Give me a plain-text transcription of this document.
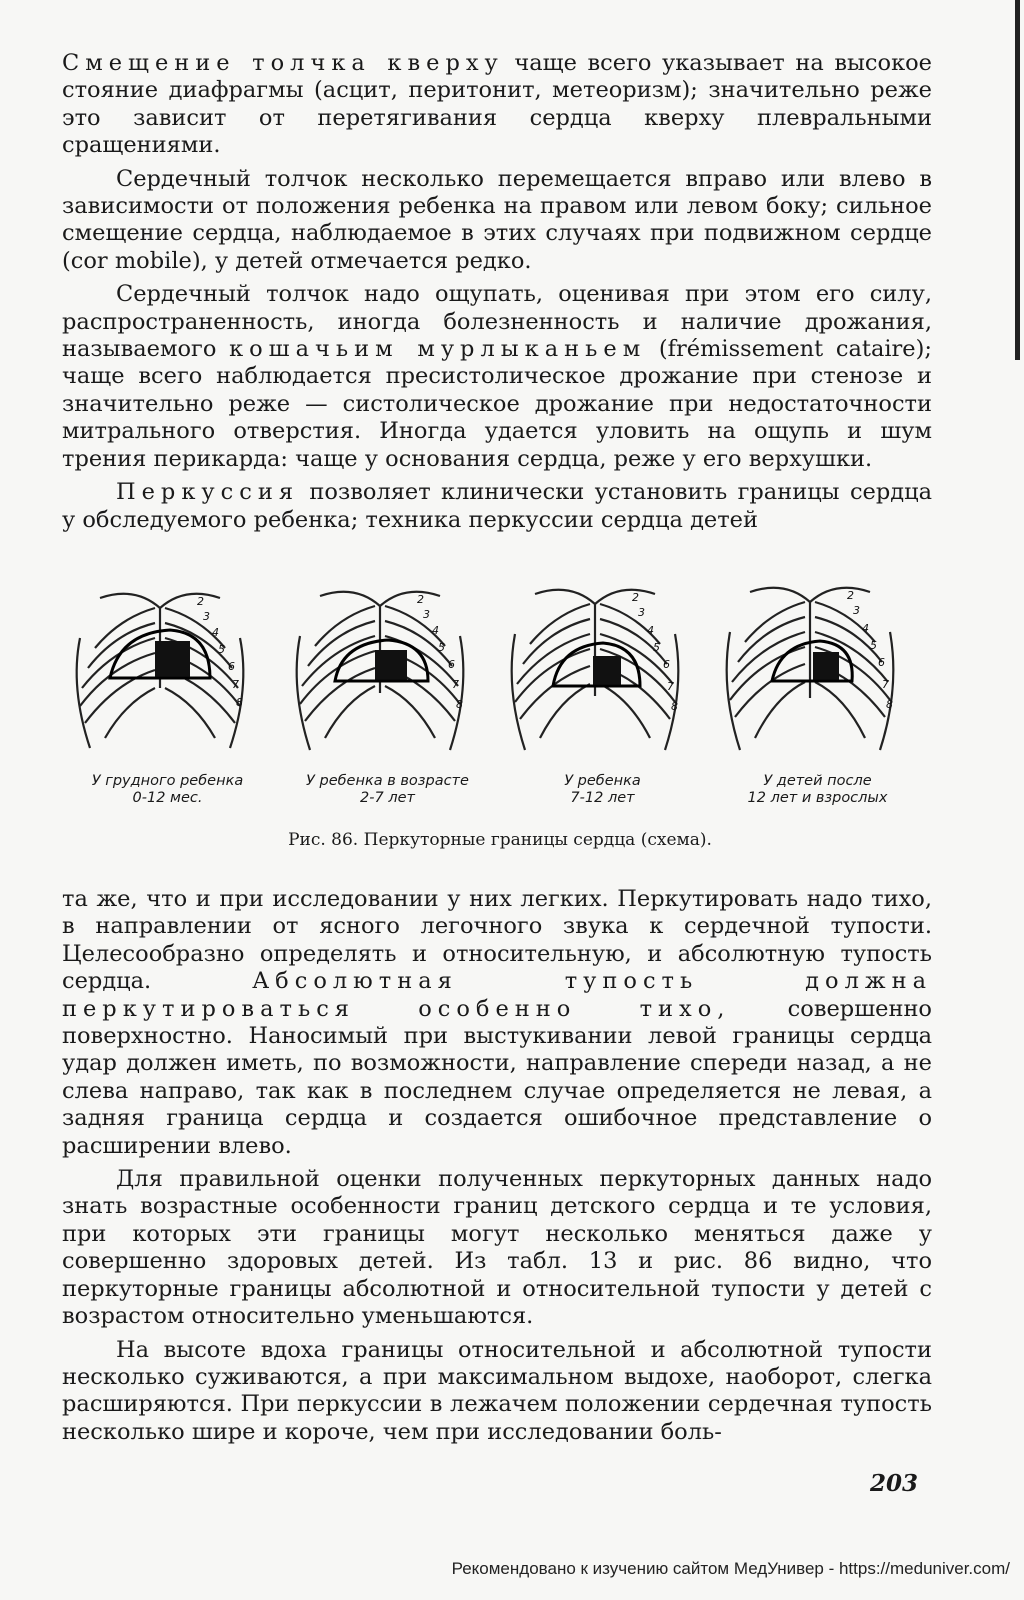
Смещение толчка кверху чаще всего указывает на высокое стояние диафрагмы (асцит, перитонит, метеоризм); значительно реже это зависит от перетягивания сердца кверху плевральными сращениями.

Сердечный толчок несколько перемещается вправо или влево в зависимости от положения ребенка на правом или левом боку; сильное смещение сердца, наблюдаемое в этих случаях при подвижном сердце (cor mobile), у детей отмечается редко.

Сердечный толчок надо ощупать, оценивая при этом его силу, распространенность, иногда болезненность и наличие дрожания, называемого кошачьим мурлыканьем (frémissement cataire); чаще всего наблюдается пресистолическое дрожание при стенозе и значительно реже — систолическое дрожание при недостаточности митрального отверстия. Иногда удается уловить на ощупь и шум трения перикарда: чаще у основания сердца, реже у его верхушки.

Перкуссия позволяет клинически установить границы сердца у обследуемого ребенка; техника перкуссии сердца детей

2
3
4
5
6
7
8
У грудного ребенка
0-12 мес.
2
3
4
5
6
7
8
У ребенка в возрасте
2-7 лет
2
3
4
5
6
7
8
У ребенка
7-12 лет
2
3
4
5
6
7
8
У детей после
12 лет и взрослых
Рис. 86. Перкуторные границы сердца (схема).

та же, что и при исследовании у них легких. Перкутировать надо тихо, в направлении от ясного легочного звука к сердечной тупости. Целесообразно определять и относительную, и абсолютную тупость сердца. Абсолютная тупость должна перкутироваться особенно тихо, совершенно поверхностно. Наносимый при выстукивании левой границы сердца удар должен иметь, по возможности, направление спереди назад, а не слева направо, так как в последнем случае определяется не левая, а задняя граница сердца и создается ошибочное представление о расширении влево.

Для правильной оценки полученных перкуторных данных надо знать возрастные особенности границ детского сердца и те условия, при которых эти границы могут несколько меняться даже у совершенно здоровых детей. Из табл. 13 и рис. 86 видно, что перкуторные границы абсолютной и относительной тупости у детей с возрастом относительно уменьшаются.

На высоте вдоха границы относительной и абсолютной тупости несколько суживаются, а при максимальном выдохе, наоборот, слегка расширяются. При перкуссии в лежачем положении сердечная тупость несколько шире и короче, чем при исследовании боль-

203
Рекомендовано к изучению сайтом МедУнивер - https://meduniver.com/
